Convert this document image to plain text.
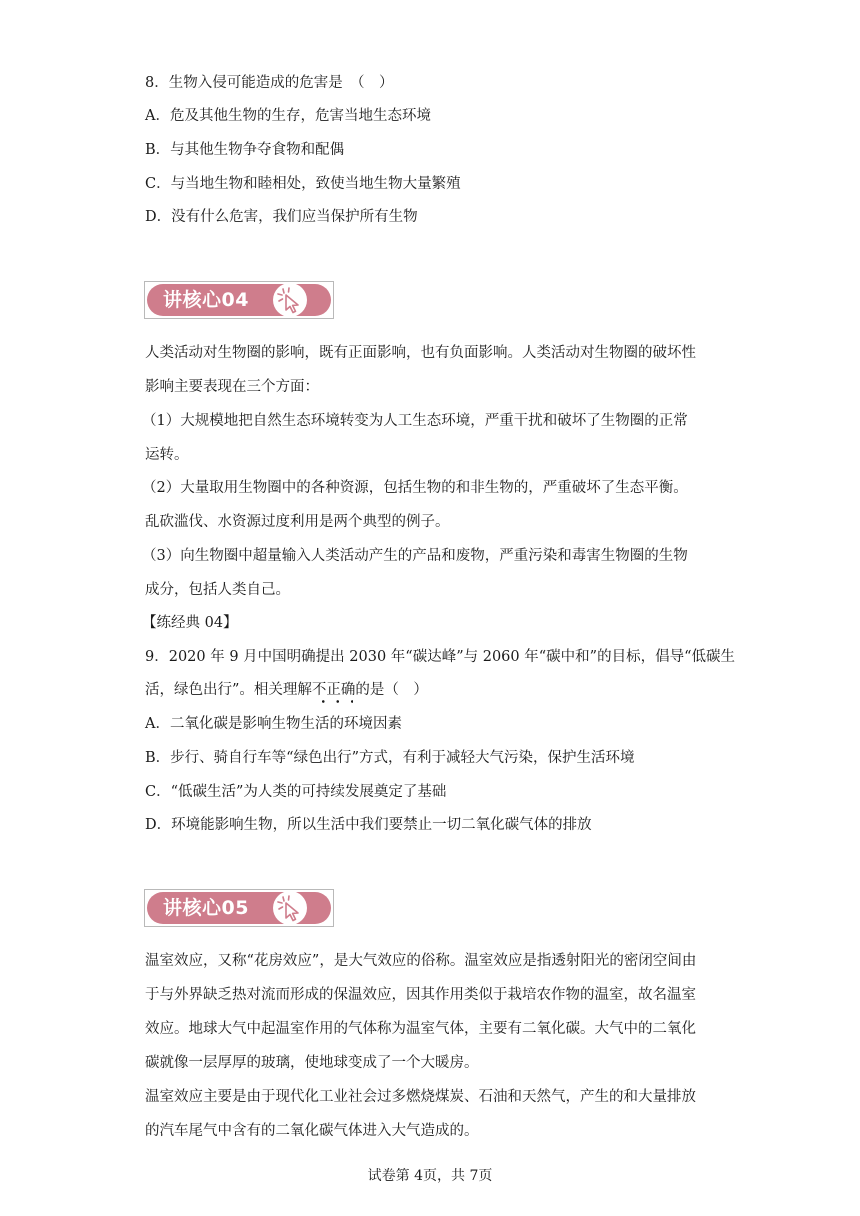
8．生物入侵可能造成的危害是　（　）
A．危及其他生物的生存，危害当地生态环境
B．与其他生物争夺食物和配偶
C．与当地生物和睦相处，致使当地生物大量繁殖
D．没有什么危害，我们应当保护所有生物
讲核心04
人类活动对生物圈的影响，既有正面影响，也有负面影响。人类活动对生物圈的破坏性
影响主要表现在三个方面：
（1）大规模地把自然生态环境转变为人工生态环境，严重干扰和破坏了生物圈的正常
运转。
（2）大量取用生物圈中的各种资源，包括生物的和非生物的，严重破坏了生态平衡。
乱砍滥伐、水资源过度利用是两个典型的例子。
（3）向生物圈中超量输入人类活动产生的产品和废物，严重污染和毒害生物圈的生物
成分，包括人类自己。
【练经典 04】
9．2020 年 9 月中国明确提出 2030 年“碳达峰”与 2060 年“碳中和”的目标，倡导“低碳生
活，绿色出行”。相关理解不正确的是（　）
A．二氧化碳是影响生物生活的环境因素
B．步行、骑自行车等“绿色出行”方式，有利于减轻大气污染，保护生活环境
C．“低碳生活”为人类的可持续发展奠定了基础
D．环境能影响生物，所以生活中我们要禁止一切二氧化碳气体的排放
讲核心05
温室效应，又称“花房效应”，是大气效应的俗称。温室效应是指透射阳光的密闭空间由
于与外界缺乏热对流而形成的保温效应，因其作用类似于栽培农作物的温室，故名温室
效应。地球大气中起温室作用的气体称为温室气体，主要有二氧化碳。大气中的二氧化
碳就像一层厚厚的玻璃，使地球变成了一个大暖房。
温室效应主要是由于现代化工业社会过多燃烧煤炭、石油和天然气，产生的和大量排放
的汽车尾气中含有的二氧化碳气体进入大气造成的。
试卷第 4页，共 7页
